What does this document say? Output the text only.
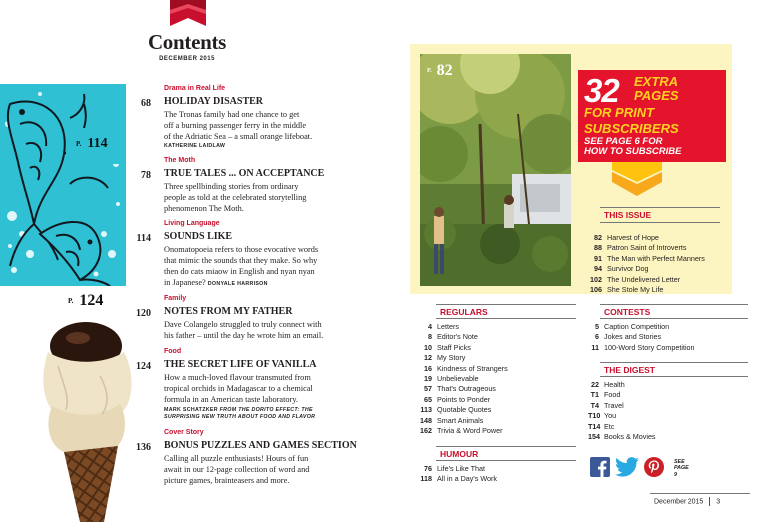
Contents
DECEMBER 2015
P. 114
P. 124
68
Drama in Real Life
HOLIDAY DISASTER
The Tronas family had one chance to get
off a burning passenger ferry in the middle
of the Adriatic Sea – a small orange lifeboat.
KATHERINE LAIDLAW
78
The Moth
TRUE TALES ... ON ACCEPTANCE
Three spellbinding stories from ordinary
people as told at the celebrated storytelling
phenomenon The Moth.
114
Living Language
SOUNDS LIKE
Onomatopoeia refers to those evocative words
that mimic the sounds that they make. So why
then do cats miaow in English and nyan nyan
in Japanese? DONYALE HARRISON
120
Family
NOTES FROM MY FATHER
Dave Colangelo struggled to truly connect with
his father – until the day he wrote him an email.
124
Food
THE SECRET LIFE OF VANILLA
How a much-loved flavour transmuted from
tropical orchids in Madagascar to a chemical
formula in an American taste laboratory.
MARK SCHATZKER FROM THE DORITO EFFECT: THE
SURPRISING NEW TRUTH ABOUT FOOD AND FLAVOR
136
Cover Story
BONUS PUZZLES AND GAMES SECTION
Calling all puzzle enthusiasts! Hours of fun
await in our 12-page collection of word and
picture games, brainteasers and more.
P. 82
32 EXTRA
PAGES
FOR PRINT
SUBSCRIBERS
SEE PAGE 6 FOR
HOW TO SUBSCRIBE
THIS ISSUE
82 Harvest of Hope
88 Patron Saint of Introverts
91 The Man with Perfect Manners
94 Survivor Dog
102 The Undelivered Letter
106 She Stole My Life
REGULARS
4 Letters
8 Editor's Note
10 Staff Picks
12 My Story
16 Kindness of Strangers
19 Unbelievable
57 That's Outrageous
65 Points to Ponder
113 Quotable Quotes
148 Smart Animals
162 Trivia & Word Power
HUMOUR
76 Life's Like That
118 All in a Day's Work
CONTESTS
5 Caption Competition
6 Jokes and Stories
11 100-Word Story Competition
THE DIGEST
22 Health
T1 Food
T4 Travel
T10 You
T14 Etc
154 Books & Movies
SEE
PAGE
9
December 2015 3
